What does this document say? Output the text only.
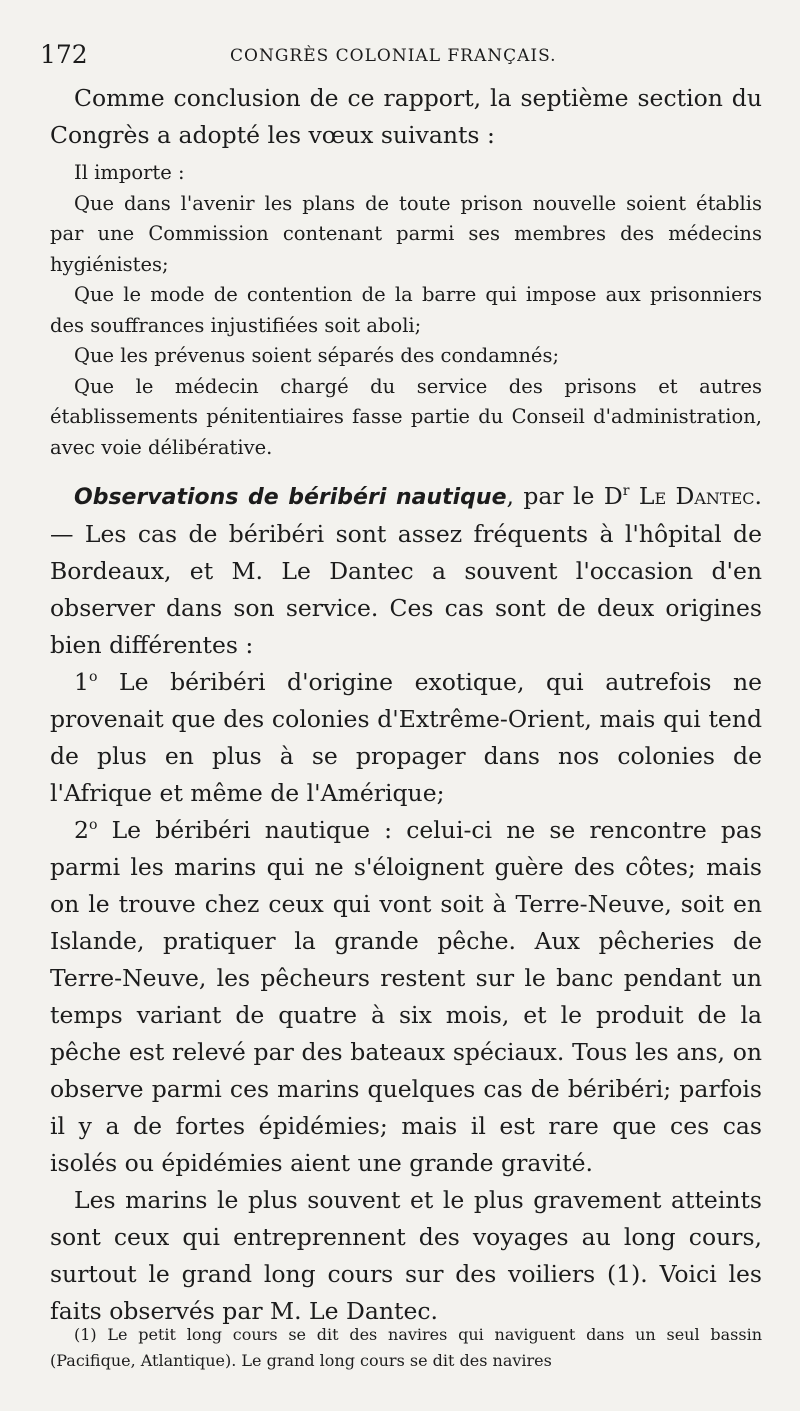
172	CONGRÈS COLONIAL FRANÇAIS.

Comme conclusion de ce rapport, la septième section du Congrès a adopté les vœux suivants :

Il importe :

Que dans l'avenir les plans de toute prison nouvelle soient établis par une Commission contenant parmi ses membres des médecins hygiénistes;

Que le mode de contention de la barre qui impose aux prisonniers des souffrances injustifiées soit aboli;

Que les prévenus soient séparés des condamnés;

Que le médecin chargé du service des prisons et autres établissements pénitentiaires fasse partie du Conseil d'administration, avec voie délibérative.

Observations de béribéri nautique, par le $D^r$ Le Dantec. — Les cas de béribéri sont assez fréquents à l'hôpital de Bordeaux, et M. Le Dantec a souvent l'occasion d'en observer dans son service. Ces cas sont de deux origines bien différentes :

1$^o$ Le béribéri d'origine exotique, qui autrefois ne provenait que des colonies d'Extrême-Orient, mais qui tend de plus en plus à se propager dans nos colonies de l'Afrique et même de l'Amérique;

2$^o$ Le béribéri nautique : celui-ci ne se rencontre pas parmi les marins qui ne s'éloignent guère des côtes; mais on le trouve chez ceux qui vont soit à Terre-Neuve, soit en Islande, pratiquer la grande pêche. Aux pêcheries de Terre-Neuve, les pêcheurs restent sur le banc pendant un temps variant de quatre à six mois, et le produit de la pêche est relevé par des bateaux spéciaux. Tous les ans, on observe parmi ces marins quelques cas de béribéri; parfois il y a de fortes épidémies; mais il est rare que ces cas isolés ou épidémies aient une grande gravité.

Les marins le plus souvent et le plus gravement atteints sont ceux qui entreprennent des voyages au long cours, surtout le grand long cours sur des voiliers (1). Voici les faits observés par M. Le Dantec.

(1) Le petit long cours se dit des navires qui naviguent dans un seul bassin (Pacifique, Atlantique). Le grand long cours se dit des navires
